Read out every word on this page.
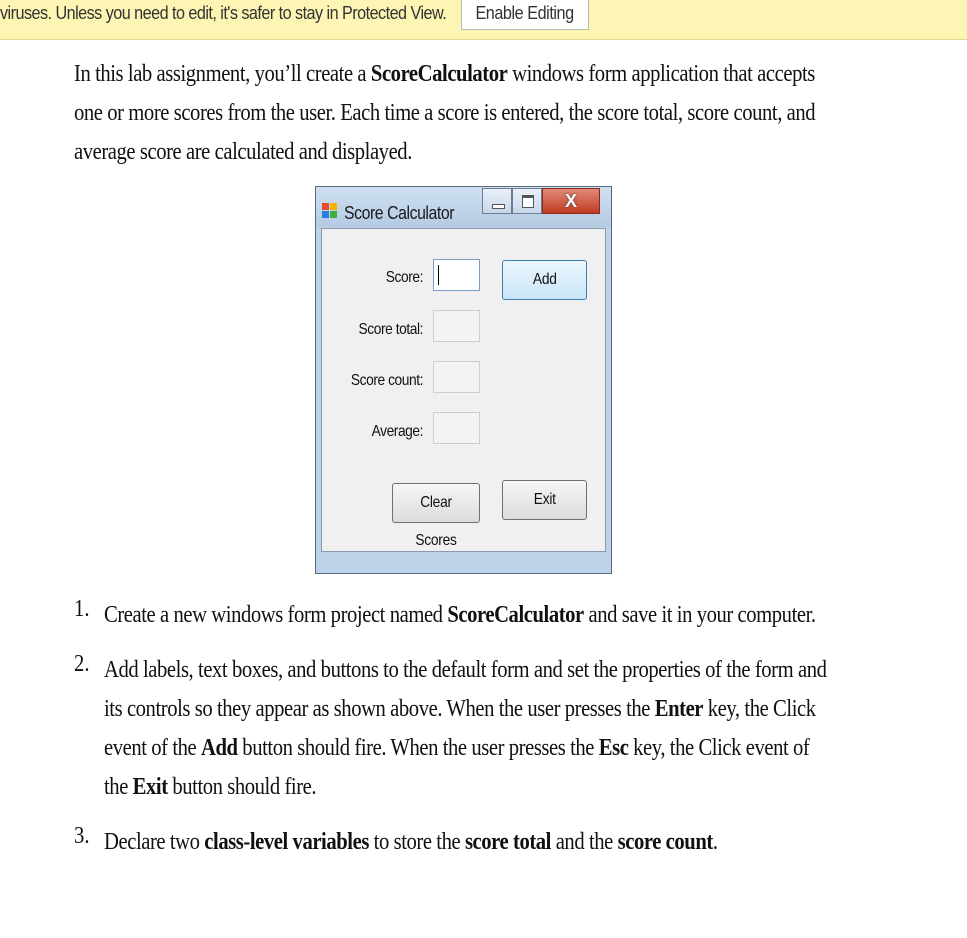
viruses. Unless you need to edit, it's safer to stay in Protected View.	Enable Editing
In this lab assignment, you’ll create a ScoreCalculator windows form application that accepts
one or more scores from the user. Each time a score is entered, the score total, score count, and
average score are calculated and displayed.
Score Calculator
X
Score:
Score total:
Score count:
Average:
Add
Clear Scores
Exit
1. Create a new windows form project named ScoreCalculator and save it in your computer.
2. Add labels, text boxes, and buttons to the default form and set the properties of the form and
its controls so they appear as shown above. When the user presses the Enter key, the Click
event of the Add button should fire. When the user presses the Esc key, the Click event of
the Exit button should fire.
3. Declare two class-level variables to store the score total and the score count.
